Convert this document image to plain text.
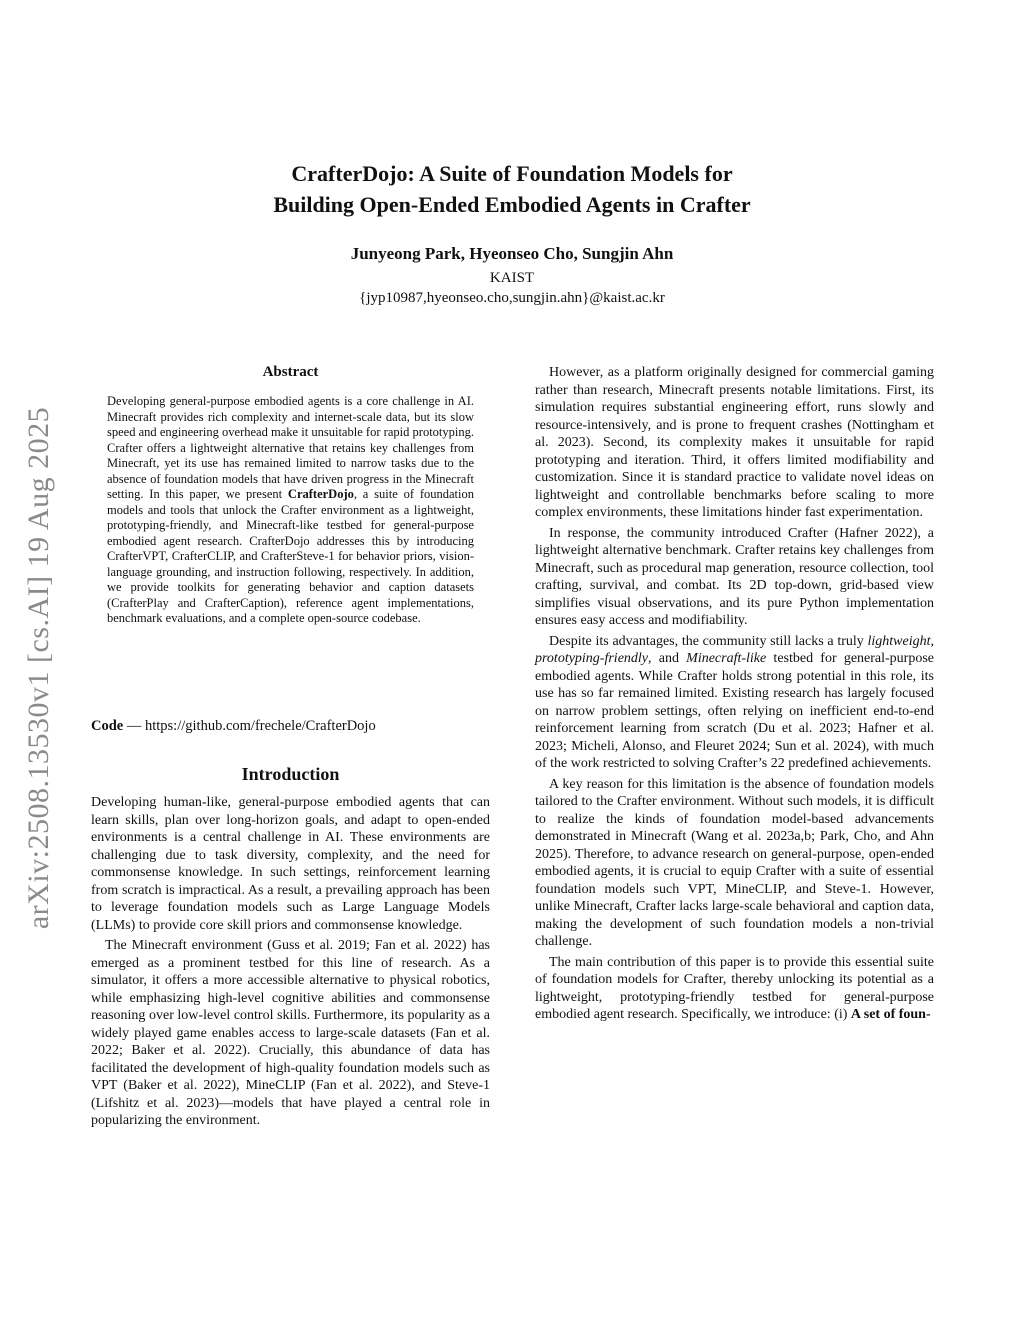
arXiv:2508.13530v1 [cs.AI] 19 Aug 2025
CrafterDojo: A Suite of Foundation Models for
Building Open-Ended Embodied Agents in Crafter
Junyeong Park, Hyeonseo Cho, Sungjin Ahn
KAIST
{jyp10987,hyeonseo.cho,sungjin.ahn}@kaist.ac.kr
Abstract
Developing general-purpose embodied agents is a core challenge in AI. Minecraft provides rich complexity and internet-scale data, but its slow speed and engineering overhead make it unsuitable for rapid prototyping. Crafter offers a lightweight alternative that retains key challenges from Minecraft, yet its use has remained limited to narrow tasks due to the absence of foundation models that have driven progress in the Minecraft setting. In this paper, we present CrafterDojo, a suite of foundation models and tools that unlock the Crafter environment as a lightweight, prototyping-friendly, and Minecraft-like testbed for general-purpose embodied agent research. CrafterDojo addresses this by introducing CrafterVPT, CrafterCLIP, and CrafterSteve-1 for behavior priors, vision-language grounding, and instruction following, respectively. In addition, we provide toolkits for generating behavior and caption datasets (CrafterPlay and CrafterCaption), reference agent implementations, benchmark evaluations, and a complete open-source codebase.
Code — https://github.com/frechele/CrafterDojo
Introduction

Developing human-like, general-purpose embodied agents that can learn skills, plan over long-horizon goals, and adapt to open-ended environments is a central challenge in AI. These environments are challenging due to task diversity, complexity, and the need for commonsense knowledge. In such settings, reinforcement learning from scratch is impractical. As a result, a prevailing approach has been to leverage foundation models such as Large Language Models (LLMs) to provide core skill priors and commonsense knowledge.

The Minecraft environment (Guss et al. 2019; Fan et al. 2022) has emerged as a prominent testbed for this line of research. As a simulator, it offers a more accessible alternative to physical robotics, while emphasizing high-level cognitive abilities and commonsense reasoning over low-level control skills. Furthermore, its popularity as a widely played game enables access to large-scale datasets (Fan et al. 2022; Baker et al. 2022). Crucially, this abundance of data has facilitated the development of high-quality foundation models such as VPT (Baker et al. 2022), MineCLIP (Fan et al. 2022), and Steve-1 (Lifshitz et al. 2023)—models that have played a central role in popularizing the environment.

However, as a platform originally designed for commercial gaming rather than research, Minecraft presents notable limitations. First, its simulation requires substantial engineering effort, runs slowly and resource-intensively, and is prone to frequent crashes (Nottingham et al. 2023). Second, its complexity makes it unsuitable for rapid prototyping and iteration. Third, it offers limited modifiability and customization. Since it is standard practice to validate novel ideas on lightweight and controllable benchmarks before scaling to more complex environments, these limitations hinder fast experimentation.

In response, the community introduced Crafter (Hafner 2022), a lightweight alternative benchmark. Crafter retains key challenges from Minecraft, such as procedural map generation, resource collection, tool crafting, survival, and combat. Its 2D top-down, grid-based view simplifies visual observations, and its pure Python implementation ensures easy access and modifiability.

Despite its advantages, the community still lacks a truly lightweight, prototyping-friendly, and Minecraft-like testbed for general-purpose embodied agents. While Crafter holds strong potential in this role, its use has so far remained limited. Existing research has largely focused on narrow problem settings, often relying on inefficient end-to-end reinforcement learning from scratch (Du et al. 2023; Hafner et al. 2023; Micheli, Alonso, and Fleuret 2024; Sun et al. 2024), with much of the work restricted to solving Crafter’s 22 predefined achievements.

A key reason for this limitation is the absence of foundation models tailored to the Crafter environment. Without such models, it is difficult to realize the kinds of foundation model-based advancements demonstrated in Minecraft (Wang et al. 2023a,b; Park, Cho, and Ahn 2025). Therefore, to advance research on general-purpose, open-ended embodied agents, it is crucial to equip Crafter with a suite of essential foundation models such VPT, MineCLIP, and Steve-1. However, unlike Minecraft, Crafter lacks large-scale behavioral and caption data, making the development of such foundation models a non-trivial challenge.

The main contribution of this paper is to provide this essential suite of foundation models for Crafter, thereby unlocking its potential as a lightweight, prototyping-friendly testbed for general-purpose embodied agent research. Specifically, we introduce: (i) A set of foun-
